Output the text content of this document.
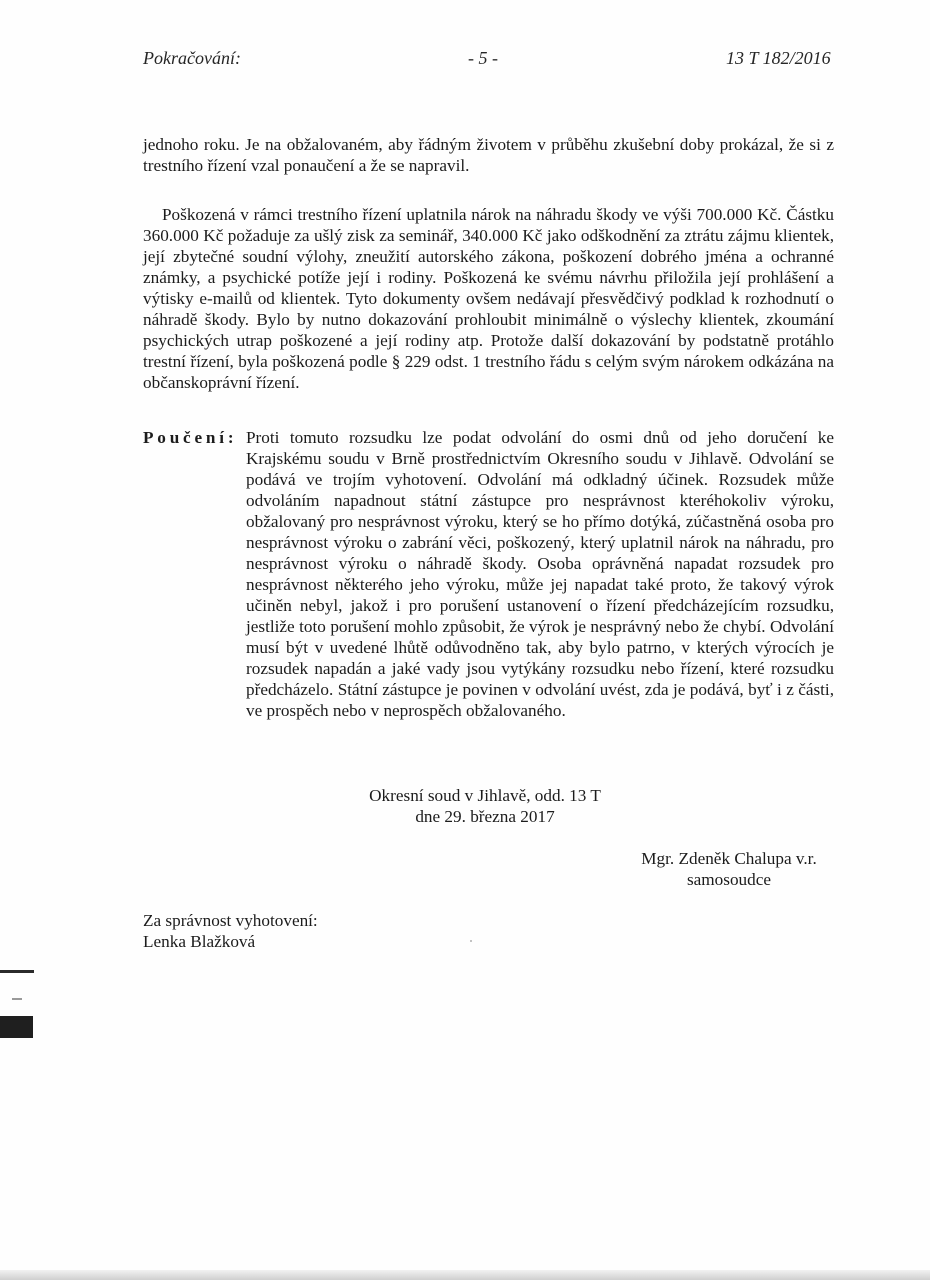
Pokračování:	- 5 -	13 T 182/2016

jednoho roku. Je na obžalovaném, aby řádným životem v průběhu zkušební doby prokázal, že si z trestního řízení vzal ponaučení a že se napravil.

Poškozená v rámci trestního řízení uplatnila nárok na náhradu škody ve výši 700.000 Kč. Částku 360.000 Kč požaduje za ušlý zisk za seminář, 340.000 Kč jako odškodnění za ztrátu zájmu klientek, její zbytečné soudní výlohy, zneužití autorského zákona, poškození dobrého jména a ochranné známky, a psychické potíže její i rodiny. Poškozená ke svému návrhu přiložila její prohlášení a výtisky e-mailů od klientek. Tyto dokumenty ovšem nedávají přesvědčivý podklad k rozhodnutí o náhradě škody. Bylo by nutno dokazování prohloubit minimálně o výslechy klientek, zkoumání psychických utrap poškozené a její rodiny atp. Protože další dokazování by podstatně protáhlo trestní řízení, byla poškozená podle § 229 odst. 1 trestního řádu s celým svým nárokem odkázána na občanskoprávní řízení.

Poučení: Proti tomuto rozsudku lze podat odvolání do osmi dnů od jeho doručení ke Krajskému soudu v Brně prostřednictvím Okresního soudu v Jihlavě. Odvolání se podává ve trojím vyhotovení. Odvolání má odkladný účinek. Rozsudek může odvoláním napadnout státní zástupce pro nesprávnost kteréhokoliv výroku, obžalovaný pro nesprávnost výroku, který se ho přímo dotýká, zúčastněná osoba pro nesprávnost výroku o zabrání věci, poškozený, který uplatnil nárok na náhradu, pro nesprávnost výroku o náhradě škody. Osoba oprávněná napadat rozsudek pro nesprávnost některého jeho výroku, může jej napadat také proto, že takový výrok učiněn nebyl, jakož i pro porušení ustanovení o řízení předcházejícím rozsudku, jestliže toto porušení mohlo způsobit, že výrok je nesprávný nebo že chybí. Odvolání musí být v uvedené lhůtě odůvodněno tak, aby bylo patrno, v kterých výrocích je rozsudek napadán a jaké vady jsou vytýkány rozsudku nebo řízení, které rozsudku předcházelo. Státní zástupce je povinen v odvolání uvést, zda je podává, byť i z části, ve prospěch nebo v neprospěch obžalovaného.

Okresní soud v Jihlavě, odd. 13 T
dne 29. března 2017
Mgr. Zdeněk Chalupa v.r.
samosoudce
Za správnost vyhotovení:
Lenka Blažková
